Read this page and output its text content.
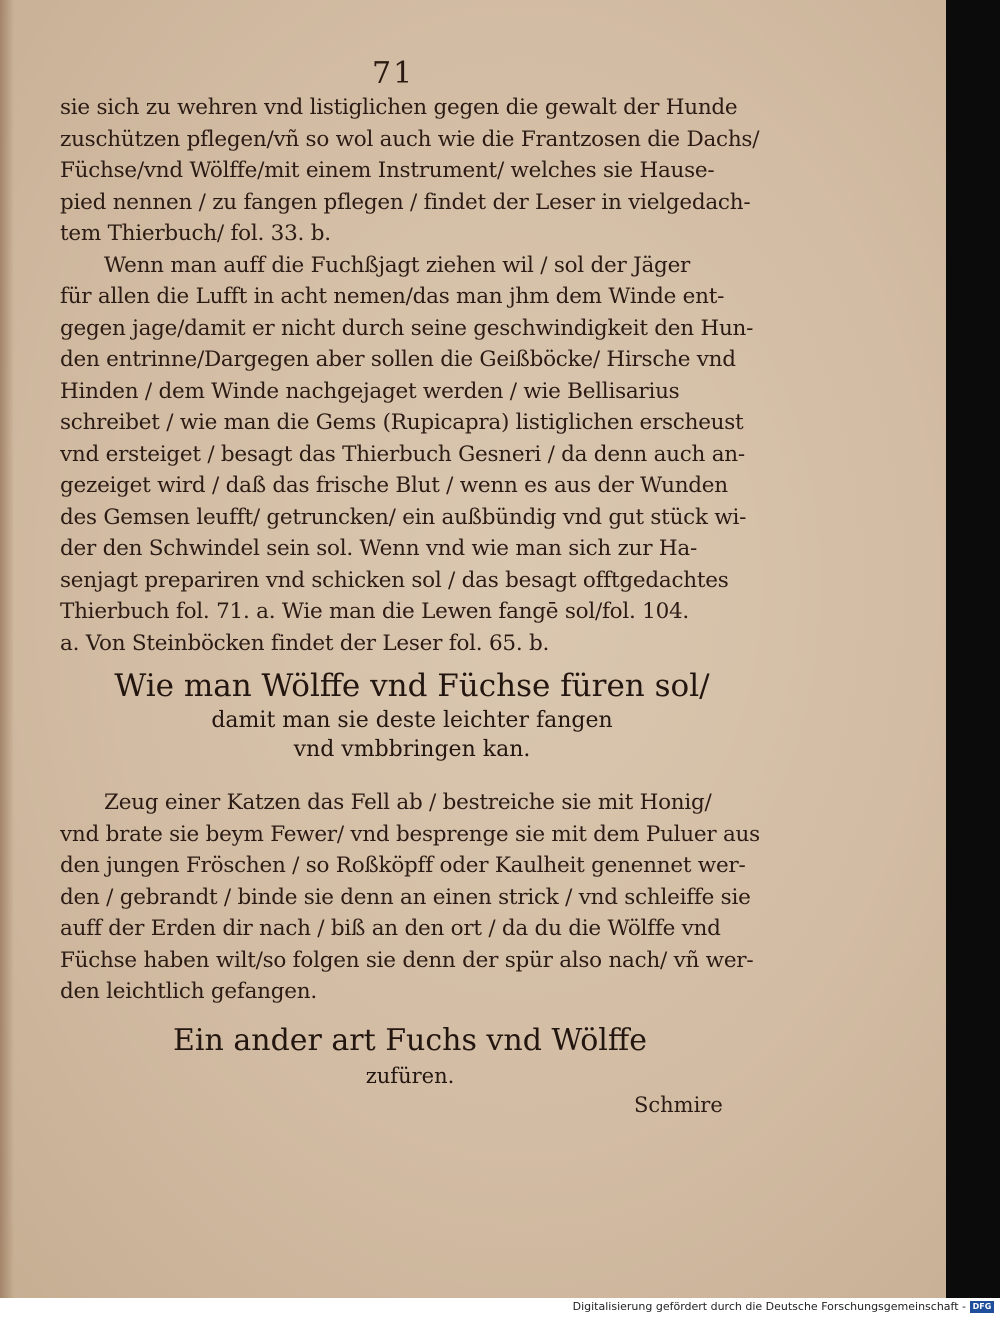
71
sie sich zu wehren vnd listiglichen gegen die gewalt der Hunde
zuschützen pflegen/vñ so wol auch wie die Frantzosen die Dachs/
Füchse/vnd Wölffe/mit einem Instrument/ welches sie Hause-
pied nennen / zu fangen pflegen / findet der Leser in vielgedach-
tem Thierbuch/ fol. 33. b.
Wenn man auff die Fuchßjagt ziehen wil / sol der Jäger
für allen die Lufft in acht nemen/das man jhm dem Winde ent-
gegen jage/damit er nicht durch seine geschwindigkeit den Hun-
den entrinne/Dargegen aber sollen die Geißböcke/ Hirsche vnd
Hinden / dem Winde nachgejaget werden / wie Bellisarius
schreibet / wie man die Gems (Rupicapra) listiglichen erscheust
vnd ersteiget / besagt das Thierbuch Gesneri / da denn auch an-
gezeiget wird / daß das frische Blut / wenn es aus der Wunden
des Gemsen leufft/ getruncken/ ein außbündig vnd gut stück wi-
der den Schwindel sein sol. Wenn vnd wie man sich zur Ha-
senjagt prepariren vnd schicken sol / das besagt offtgedachtes
Thierbuch fol. 71. a. Wie man die Lewen fangē sol/fol. 104.
a. Von Steinböcken findet der Leser fol. 65. b.
Wie man Wölffe vnd Füchse füren sol/
damit man sie deste leichter fangen
vnd vmbbringen kan.
Zeug einer Katzen das Fell ab / bestreiche sie mit Honig/
vnd brate sie beym Fewer/ vnd besprenge sie mit dem Puluer aus
den jungen Fröschen / so Roßköpff oder Kaulheit genennet wer-
den / gebrandt / binde sie denn an einen strick / vnd schleiffe sie
auff der Erden dir nach / biß an den ort / da du die Wölffe vnd
Füchse haben wilt/so folgen sie denn der spür also nach/ vñ wer-
den leichtlich gefangen.
Ein ander art Fuchs vnd Wölffe
zufüren.
Schmire
Digitalisierung gefördert durch die Deutsche Forschungsgemeinschaft - DFG
